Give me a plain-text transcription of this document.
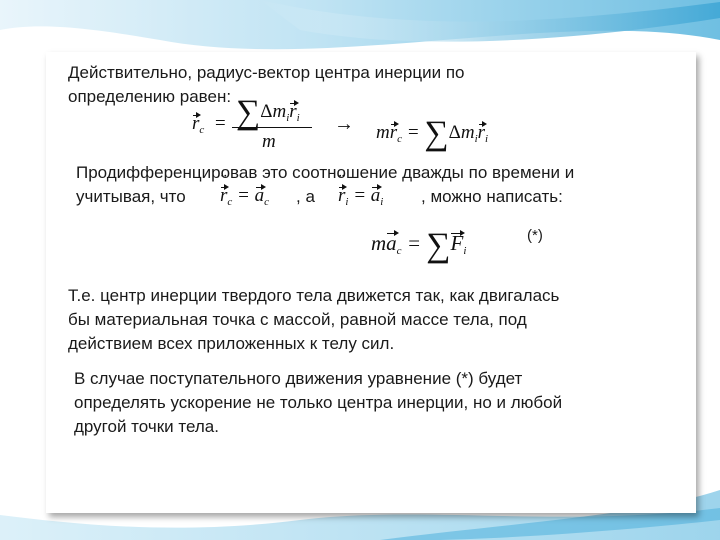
Действительно, радиус-вектор центра инерции по
определению равен:
$r_c = \sum\Delta m_ir_i$
m
→ $mr_c = \sum\Delta m_ir_i$
Продифференцировав это соотношение дважды по времени и
учитывая, что ¨ $r_c = a_c$ , а ¨ $r_i = a_i$ , можно написать:
$ma_c = \sum F_i$
(*)
Т.е. центр инерции твердого тела движется так, как двигалась
бы материальная точка с массой, равной массе тела, под
действием всех приложенных к телу сил.
В случае поступательного движения уравнение (*) будет
определять ускорение не только центра инерции, но и любой
другой точки тела.
